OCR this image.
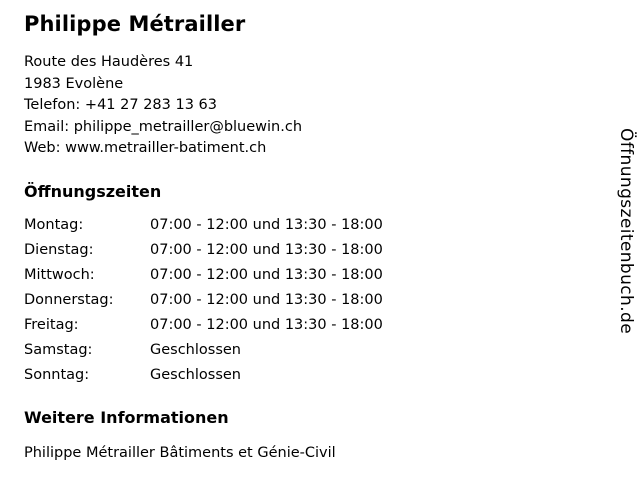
Philippe Métrailler
Route des Haudères 41
1983 Evolène
Telefon: +41 27 283 13 63
Email: philippe_metrailler@bluewin.ch
Web: www.metrailler-batiment.ch
Öffnungszeiten
Montag:	07:00 - 12:00 und 13:30 - 18:00
Dienstag:	07:00 - 12:00 und 13:30 - 18:00
Mittwoch:	07:00 - 12:00 und 13:30 - 18:00
Donnerstag:	07:00 - 12:00 und 13:30 - 18:00
Freitag:	07:00 - 12:00 und 13:30 - 18:00
Samstag:	Geschlossen
Sonntag:	Geschlossen
Weitere Informationen
Philippe Métrailler Bâtiments et Génie-Civil
Öffnungszeitenbuch.de
